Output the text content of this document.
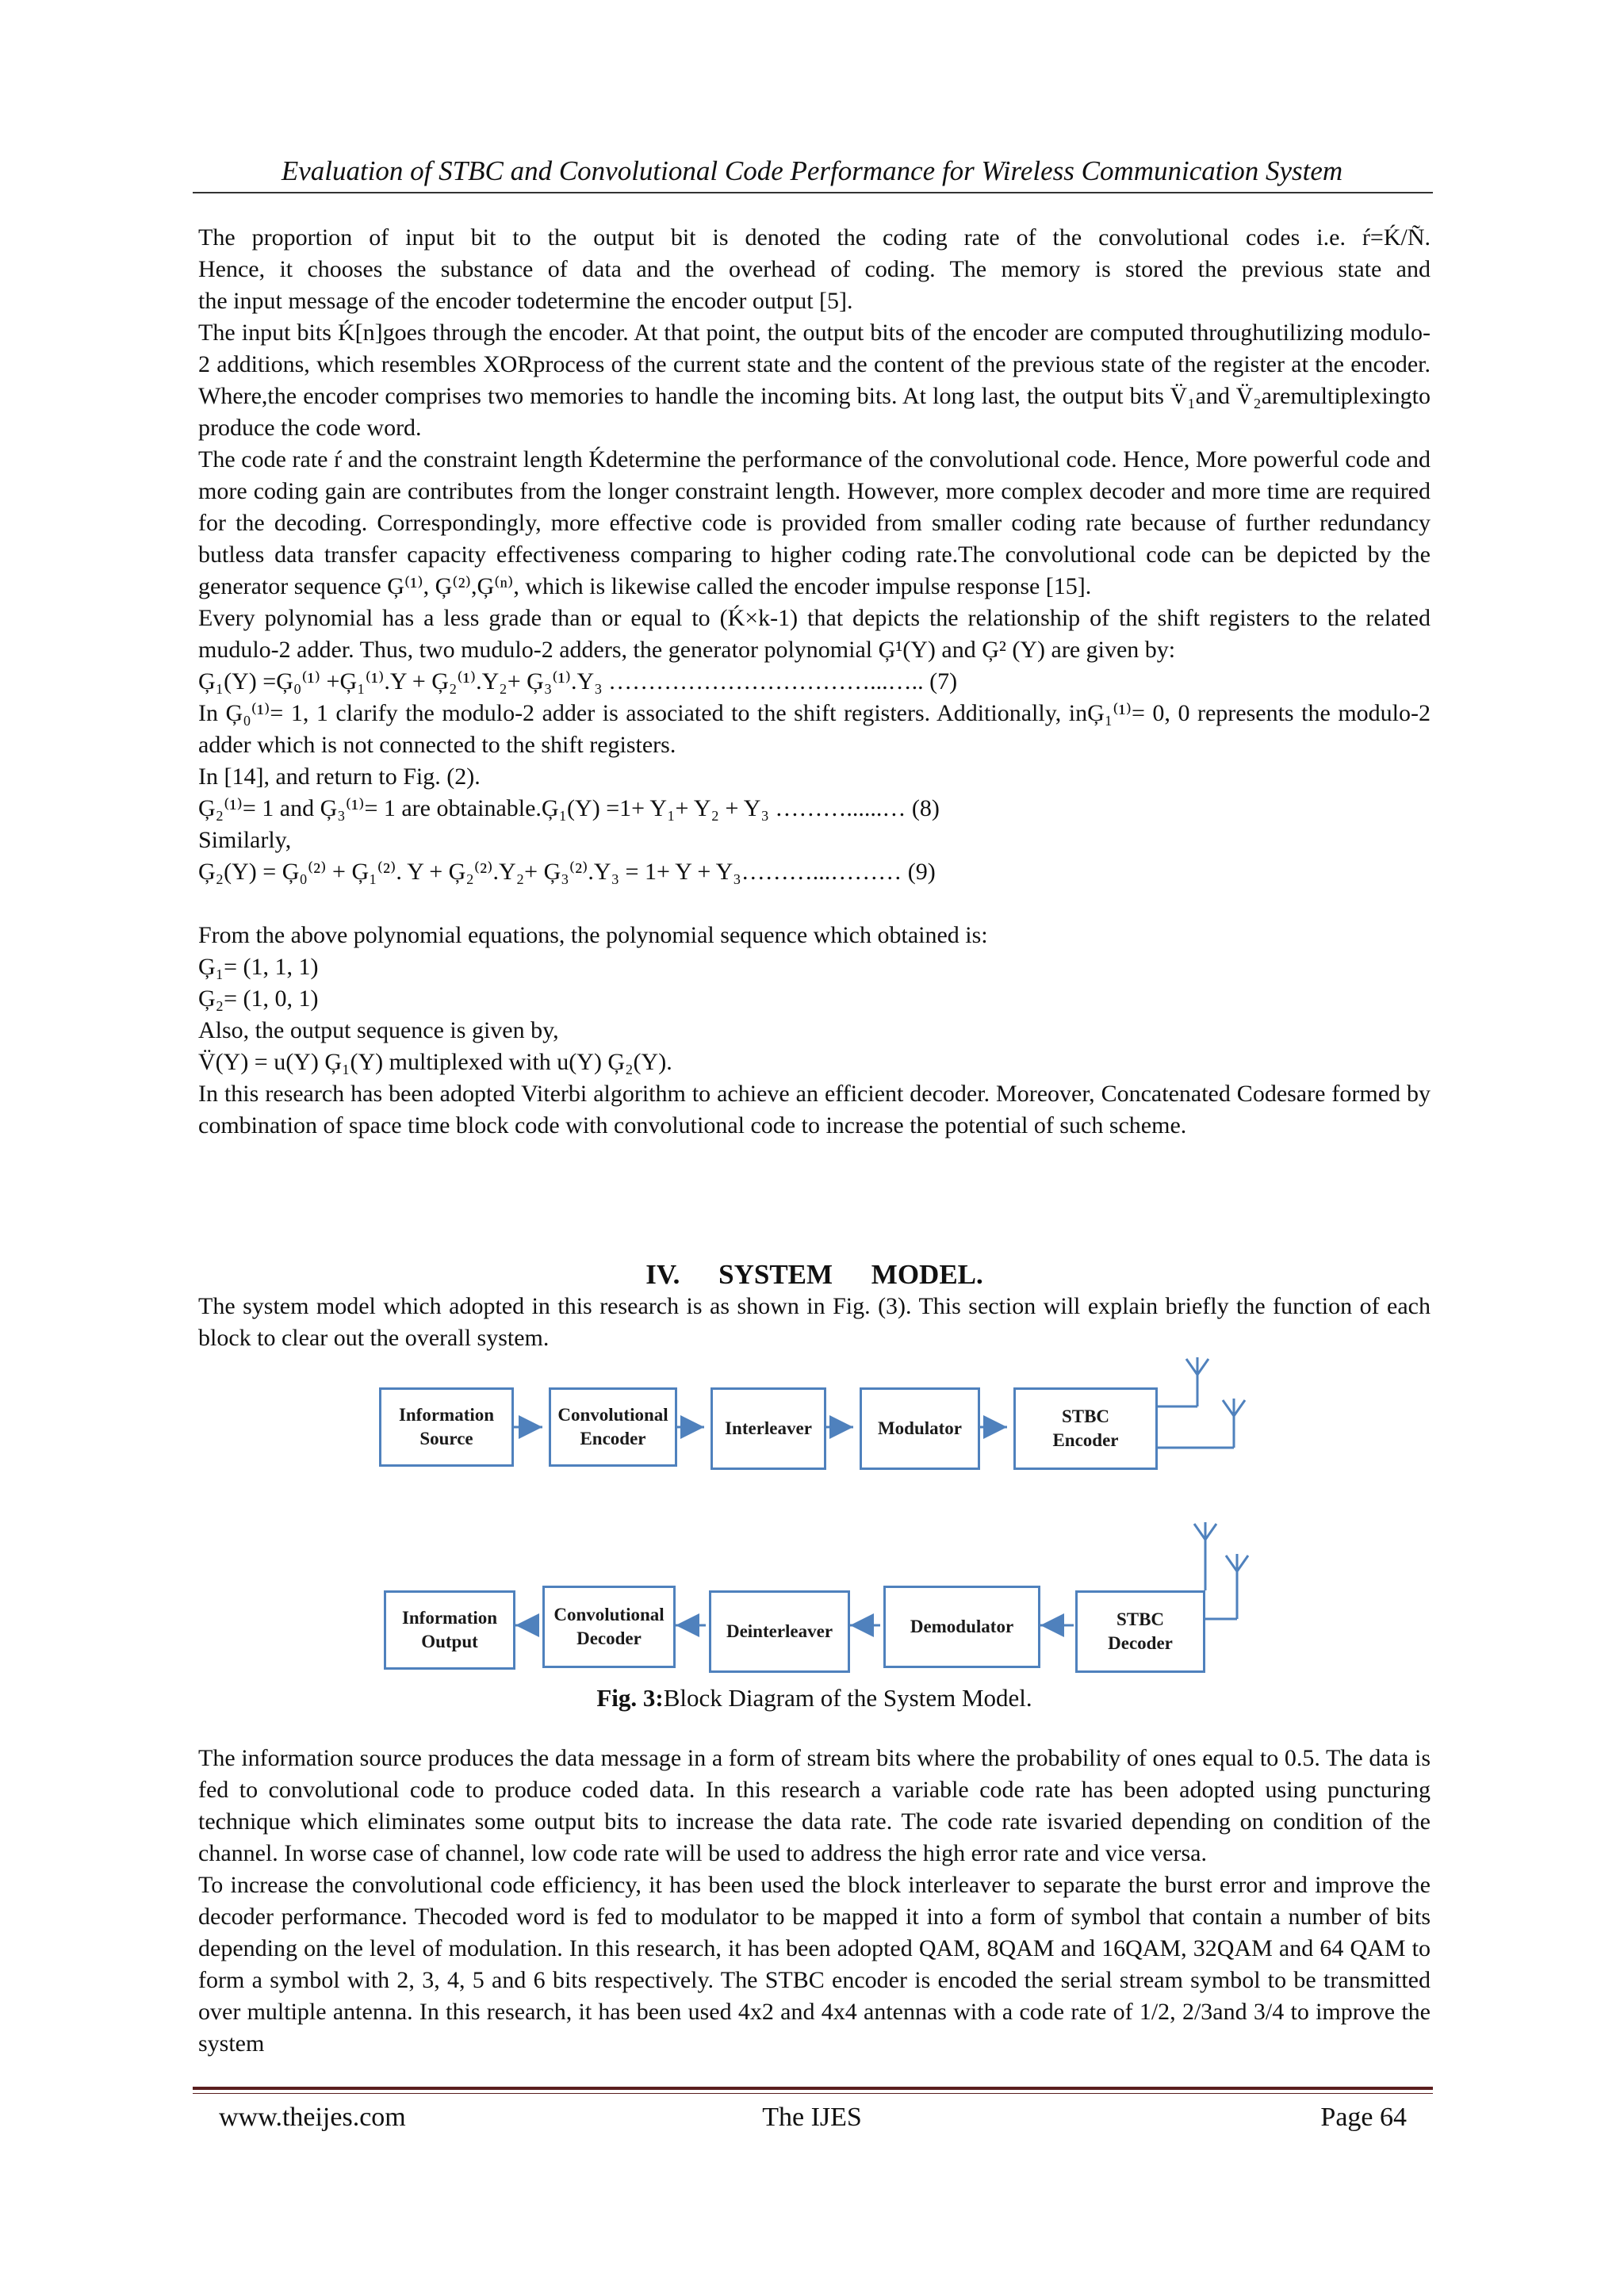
Evaluation of STBC and Convolutional Code Performance for Wireless Communication System

The proportion of input bit to the output bit is denoted the coding rate of the convolutional codes i.e. ŕ=Ḱ/Ñ.

Hence, it chooses the substance of data and the overhead of coding. The memory is stored the previous state and

the input message of the encoder todetermine the encoder output [5].

The input bits Ḱ[n]goes through the encoder. At that point, the output bits of the encoder are computed throughutilizing modulo-2 additions, which resembles XORprocess of the current state and the content of the previous state of the register at the encoder. Where,the encoder comprises two memories to handle the incoming bits. At long last, the output bits V̈₁and V̈₂aremultiplexingto produce the code word.

The code rate ŕ and the constraint length Ḱdetermine the performance of the convolutional code. Hence, More powerful code and more coding gain are contributes from the longer constraint length. However, more complex decoder and more time are required for the decoding. Correspondingly, more effective code is provided from smaller coding rate because of further redundancy butless data transfer capacity effectiveness comparing to higher coding rate.The convolutional code can be depicted by the generator sequence Ģ⁽¹⁾, Ģ⁽²⁾,Ģ⁽ⁿ⁾, which is likewise called the encoder impulse response [15].

Every polynomial has a less grade than or equal to (Ḱ×k-1) that depicts the relationship of the shift registers to the related mudulo-2 adder. Thus, two mudulo-2 adders, the generator polynomial Ģ¹(Y) and Ģ² (Y) are given by:

Ģ₁(Y) =Ģ₀⁽¹⁾ +Ģ₁⁽¹⁾.Y + Ģ₂⁽¹⁾.Y₂+ Ģ₃⁽¹⁾.Y₃ ……………………………...….. (7)

In Ģ₀⁽¹⁾= 1, 1 clarify the modulo-2 adder is associated to the shift registers. Additionally, inĢ₁⁽¹⁾= 0, 0 represents the modulo-2 adder which is not connected to the shift registers.

In [14], and return to Fig. (2).

Ģ₂⁽¹⁾= 1 and Ģ₃⁽¹⁾= 1 are obtainable.Ģ₁(Y) =1+ Y₁+ Y₂ + Y₃ ………......… (8)

Similarly,

Ģ₂(Y) = Ģ₀⁽²⁾ + Ģ₁⁽²⁾. Y + Ģ₂⁽²⁾.Y₂+ Ģ₃⁽²⁾.Y₃ = 1+ Y + Y₃………...……… (9)

From the above polynomial equations, the polynomial sequence which obtained is:

Ģ₁= (1, 1, 1)

Ģ₂= (1, 0, 1)

Also, the output sequence is given by,

V̈(Y) = u(Y) Ģ₁(Y) multiplexed with u(Y) Ģ₂(Y).

In this research has been adopted Viterbi algorithm to achieve an efficient decoder. Moreover, Concatenated Codesare formed by combination of space time block code with convolutional code to increase the potential of such scheme.

IV. SYSTEM MODEL.

The system model which adopted in this research is as shown in Fig. (3). This section will explain briefly the function of each block to clear out the overall system.

Information
Source
Convolutional
Encoder
Interleaver	Modulator
STBC
Encoder
Information
Output
Convolutional
Decoder	Deinterleaver	Demodulator	STBC
Decoder
Fig. 3:Block Diagram of the System Model.

The information source produces the data message in a form of stream bits where the probability of ones equal to 0.5. The data is fed to convolutional code to produce coded data. In this research a variable code rate has been adopted using puncturing technique which eliminates some output bits to increase the data rate. The code rate isvaried depending on condition of the channel. In worse case of channel, low code rate will be used to address the high error rate and vice versa.

To increase the convolutional code efficiency, it has been used the block interleaver to separate the burst error and improve the decoder performance. Thecoded word is fed to modulator to be mapped it into a form of symbol that contain a number of bits depending on the level of modulation. In this research, it has been adopted QAM, 8QAM and 16QAM, 32QAM and 64 QAM to form a symbol with 2, 3, 4, 5 and 6 bits respectively. The STBC encoder is encoded the serial stream symbol to be transmitted over multiple antenna. In this research, it has been used 4x2 and 4x4 antennas with a code rate of 1/2, 2/3and 3/4 to improve the system

www.theijes.com	The IJES	Page 64
